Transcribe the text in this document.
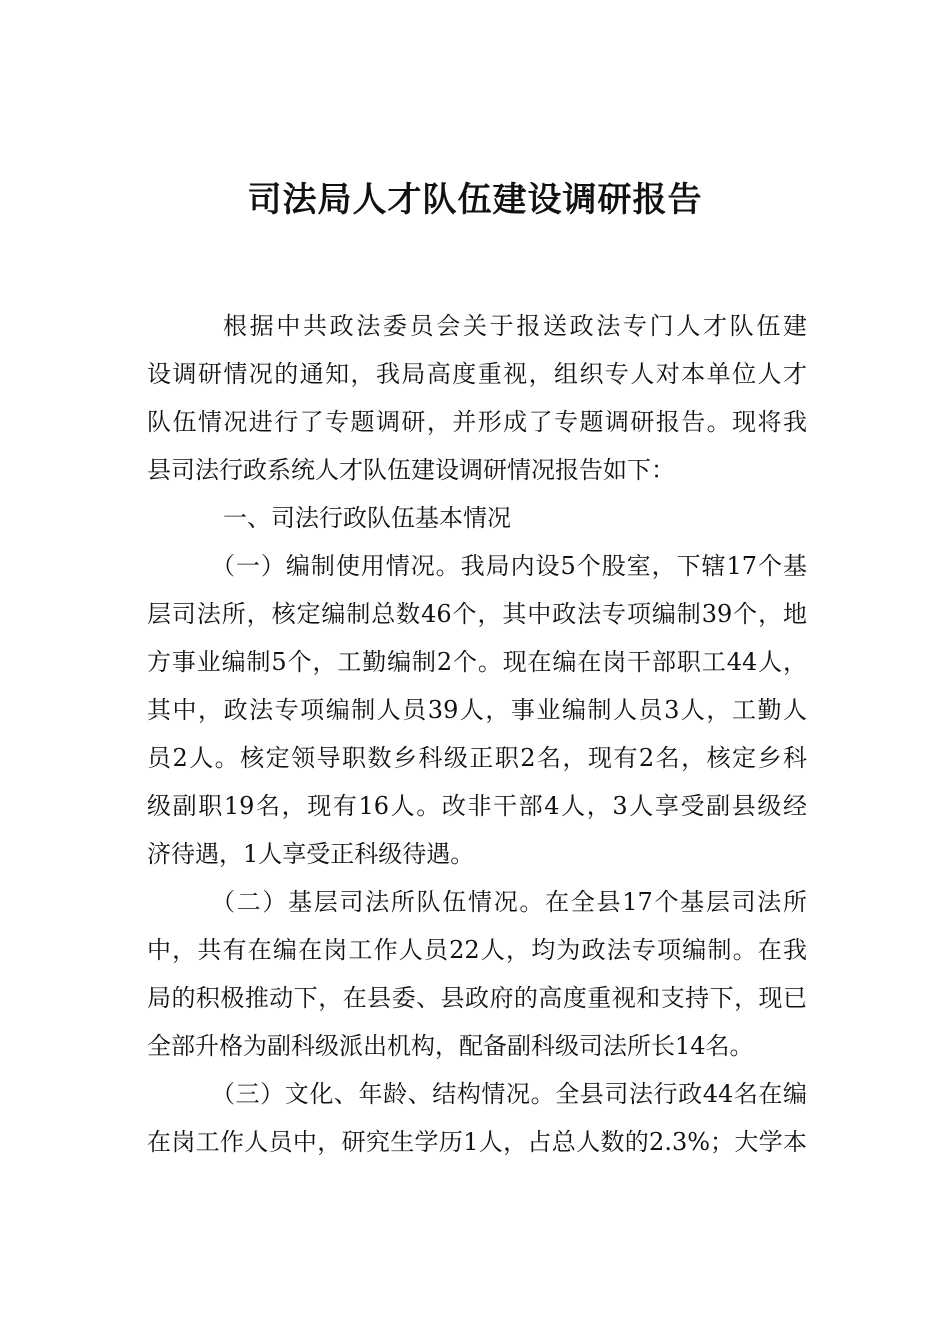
司法局人才队伍建设调研报告
根据中共政法委员会关于报送政法专门人才队伍建
设调研情况的通知，我局高度重视，组织专人对本单位人才
队伍情况进行了专题调研，并形成了专题调研报告。现将我
县司法行政系统人才队伍建设调研情况报告如下：
一、司法行政队伍基本情况
（一）编制使用情况。我局内设5个股室，下辖17个基
层司法所，核定编制总数46个，其中政法专项编制39个，地
方事业编制5个，工勤编制2个。现在编在岗干部职工44人，
其中，政法专项编制人员39人，事业编制人员3人，工勤人
员2人。核定领导职数乡科级正职2名，现有2名，核定乡科
级副职19名，现有16人。改非干部4人，3人享受副县级经
济待遇，1人享受正科级待遇。
（二）基层司法所队伍情况。在全县17个基层司法所
中，共有在编在岗工作人员22人，均为政法专项编制。在我
局的积极推动下，在县委、县政府的高度重视和支持下，现已
全部升格为副科级派出机构，配备副科级司法所长14名。
（三）文化、年龄、结构情况。全县司法行政44名在编
在岗工作人员中，研究生学历1人，占总人数的2.3%；大学本
